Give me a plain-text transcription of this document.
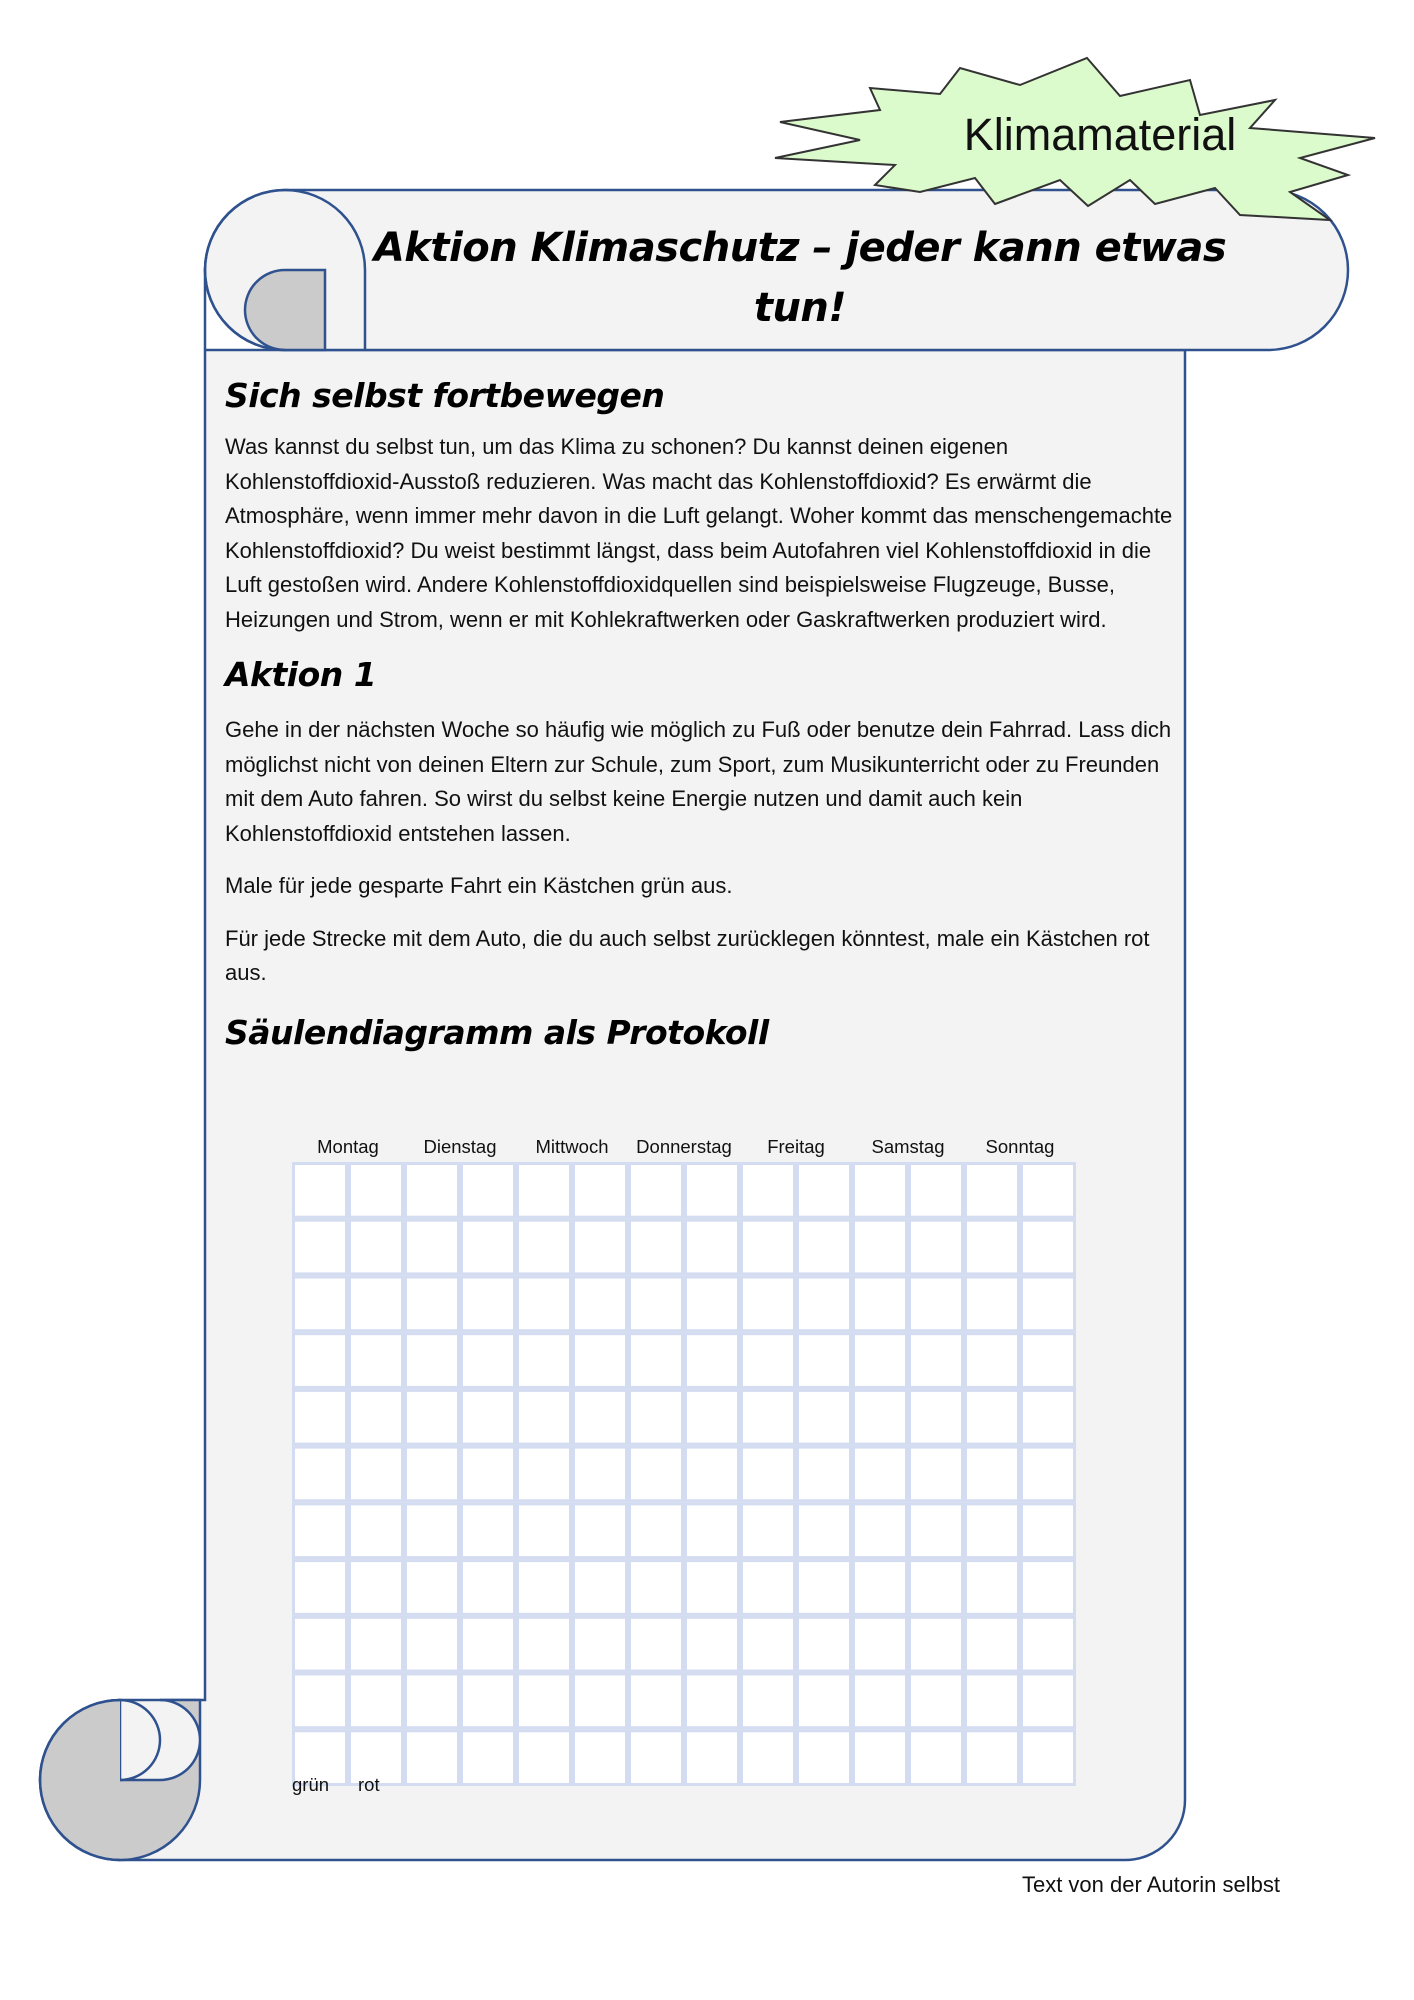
Klimamaterial
Aktion Klimaschutz – jeder kann etwas tun!
Sich selbst fortbewegen

Was kannst du selbst tun, um das Klima zu schonen? Du kannst deinen eigenen Kohlenstoffdioxid-Ausstoß reduzieren. Was macht das Kohlenstoffdioxid? Es erwärmt die Atmosphäre, wenn immer mehr davon in die Luft gelangt. Woher kommt das menschengemachte Kohlenstoffdioxid? Du weist bestimmt längst, dass beim Autofahren viel Kohlenstoffdioxid in die Luft gestoßen wird. Andere Kohlenstoffdioxidquellen sind beispielsweise Flugzeuge, Busse, Heizungen und Strom, wenn er mit Kohlekraftwerken oder Gaskraftwerken produziert wird.

Aktion 1

Gehe in der nächsten Woche so häufig wie möglich zu Fuß oder benutze dein Fahrrad. Lass dich möglichst nicht von deinen Eltern zur Schule, zum Sport, zum Musikunterricht oder zu Freunden mit dem Auto fahren. So wirst du selbst keine Energie nutzen und damit auch kein Kohlenstoffdioxid entstehen lassen.

Male für jede gesparte Fahrt ein Kästchen grün aus.

Für jede Strecke mit dem Auto, die du auch selbst zurücklegen könntest, male ein Kästchen rot aus.

Säulendiagramm als Protokoll
Montag	Dienstag	Mittwoch	Donnerstag	Freitag	Samstag	Sonntag
grün rot
Text von der Autorin selbst
